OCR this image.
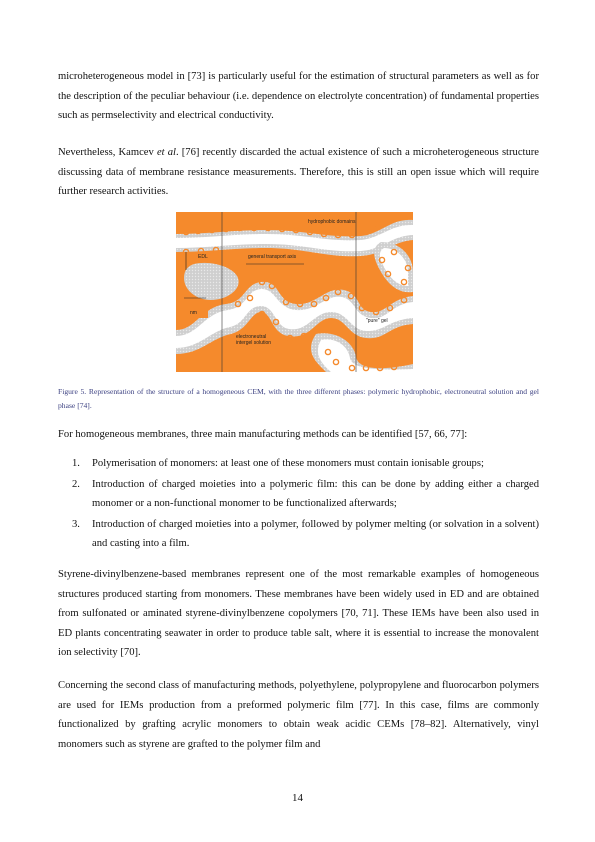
microheterogeneous model in [73] is particularly useful for the estimation of structural parameters as well as for the description of the peculiar behaviour (i.e. dependence on electrolyte concentration) of fundamental properties such as permselectivity and electrical conductivity.

Nevertheless, Kamcev et al. [76] recently discarded the actual existence of such a microheterogeneous structure discussing data of membrane resistance measurements. Therefore, this is still an open issue which will require further research activities.

hydrophobic domains
EDL	general transport axis
nm
"pure" gel
electroneutral
intergel solution

Figure 5. Representation of the structure of a homogeneous CEM, with the three different phases: polymeric hydrophobic, electroneutral solution and gel phase [74].

For homogeneous membranes, three main manufacturing methods can be identified [57, 66, 77]:

1. Polymerisation of monomers: at least one of these monomers must contain ionisable groups;
2. Introduction of charged moieties into a polymeric film: this can be done by adding either a charged monomer or a non-functional monomer to be functionalized afterwards;
3. Introduction of charged moieties into a polymer, followed by polymer melting (or solvation in a solvent) and casting into a film.

Styrene-divinylbenzene-based membranes represent one of the most remarkable examples of homogeneous structures produced starting from monomers. These membranes have been widely used in ED and are obtained from sulfonated or aminated styrene-divinylbenzene copolymers [70, 71]. These IEMs have been also used in ED plants concentrating seawater in order to produce table salt, where it is essential to increase the monovalent ion selectivity [70].

Concerning the second class of manufacturing methods, polyethylene, polypropylene and fluorocarbon polymers are used for IEMs production from a preformed polymeric film [77]. In this case, films are commonly functionalized by grafting acrylic monomers to obtain weak acidic CEMs [78–82]. Alternatively, vinyl monomers such as styrene are grafted to the polymer film and

14
